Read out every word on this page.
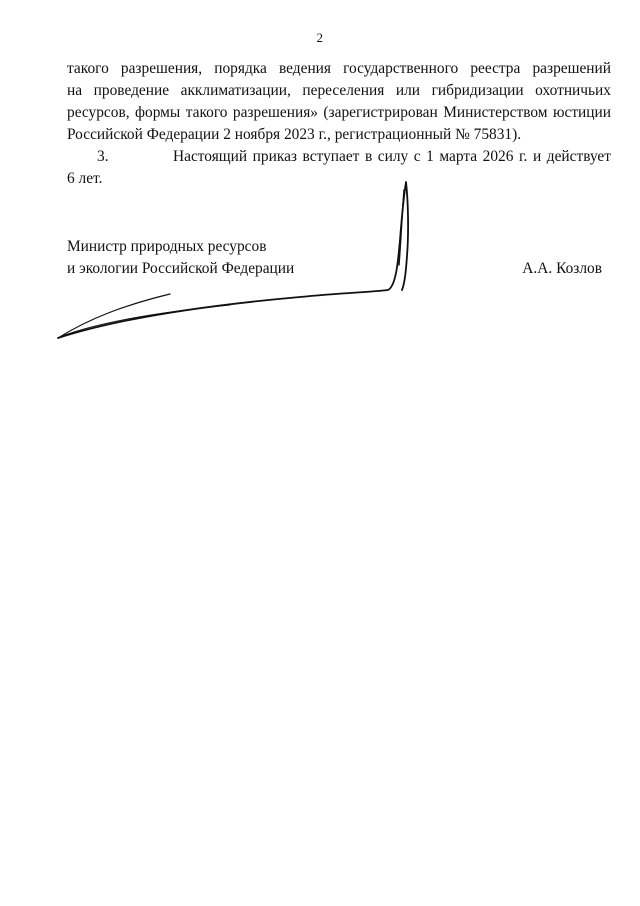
2

такого разрешения, порядка ведения государственного реестра разрешений
на проведение акклиматизации, переселения или гибридизации охотничьих
ресурсов, формы такого разрешения» (зарегистрирован Министерством юстиции
Российской Федерации 2 ноября 2023 г., регистрационный № 75831).

3.	Настоящий приказ вступает в силу с 1 марта 2026 г. и действует
6 лет.

Министр природных ресурсов
и экологии Российской Федерации	А.А. Козлов
